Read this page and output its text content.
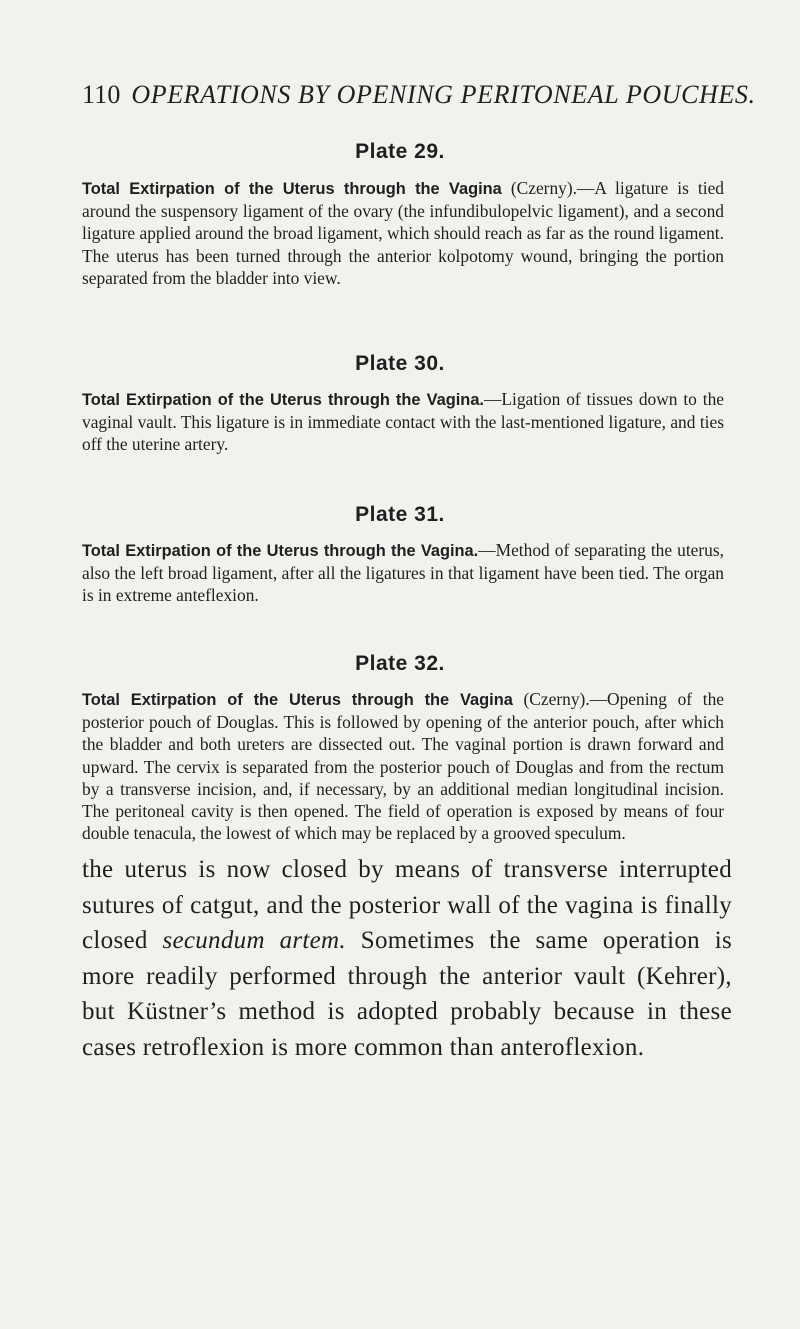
110 OPERATIONS BY OPENING PERITONEAL POUCHES.
Plate 29.
Total Extirpation of the Uterus through the Vagina (Czerny).—A ligature is tied around the suspensory ligament of the ovary (the infundibulopelvic ligament), and a second ligature applied around the broad ligament, which should reach as far as the round ligament. The uterus has been turned through the anterior kolpotomy wound, bringing the portion separated from the bladder into view.
Plate 30.
Total Extirpation of the Uterus through the Vagina.—Ligation of tissues down to the vaginal vault. This ligature is in immediate contact with the last-mentioned ligature, and ties off the uterine artery.
Plate 31.
Total Extirpation of the Uterus through the Vagina.—Method of separating the uterus, also the left broad ligament, after all the ligatures in that ligament have been tied. The organ is in extreme anteflexion.
Plate 32.
Total Extirpation of the Uterus through the Vagina (Czerny).—Opening of the posterior pouch of Douglas. This is followed by opening of the anterior pouch, after which the bladder and both ureters are dissected out. The vaginal portion is drawn forward and upward. The cervix is separated from the posterior pouch of Douglas and from the rectum by a transverse incision, and, if necessary, by an additional median longitudinal incision. The peritoneal cavity is then opened. The field of operation is exposed by means of four double tenacula, the lowest of which may be replaced by a grooved speculum.
the uterus is now closed by means of transverse interrupted sutures of catgut, and the posterior wall of the vagina is finally closed secundum artem. Sometimes the same operation is more readily performed through the anterior vault (Kehrer), but Küstner’s method is adopted probably because in these cases retroflexion is more common than anteroflexion.
